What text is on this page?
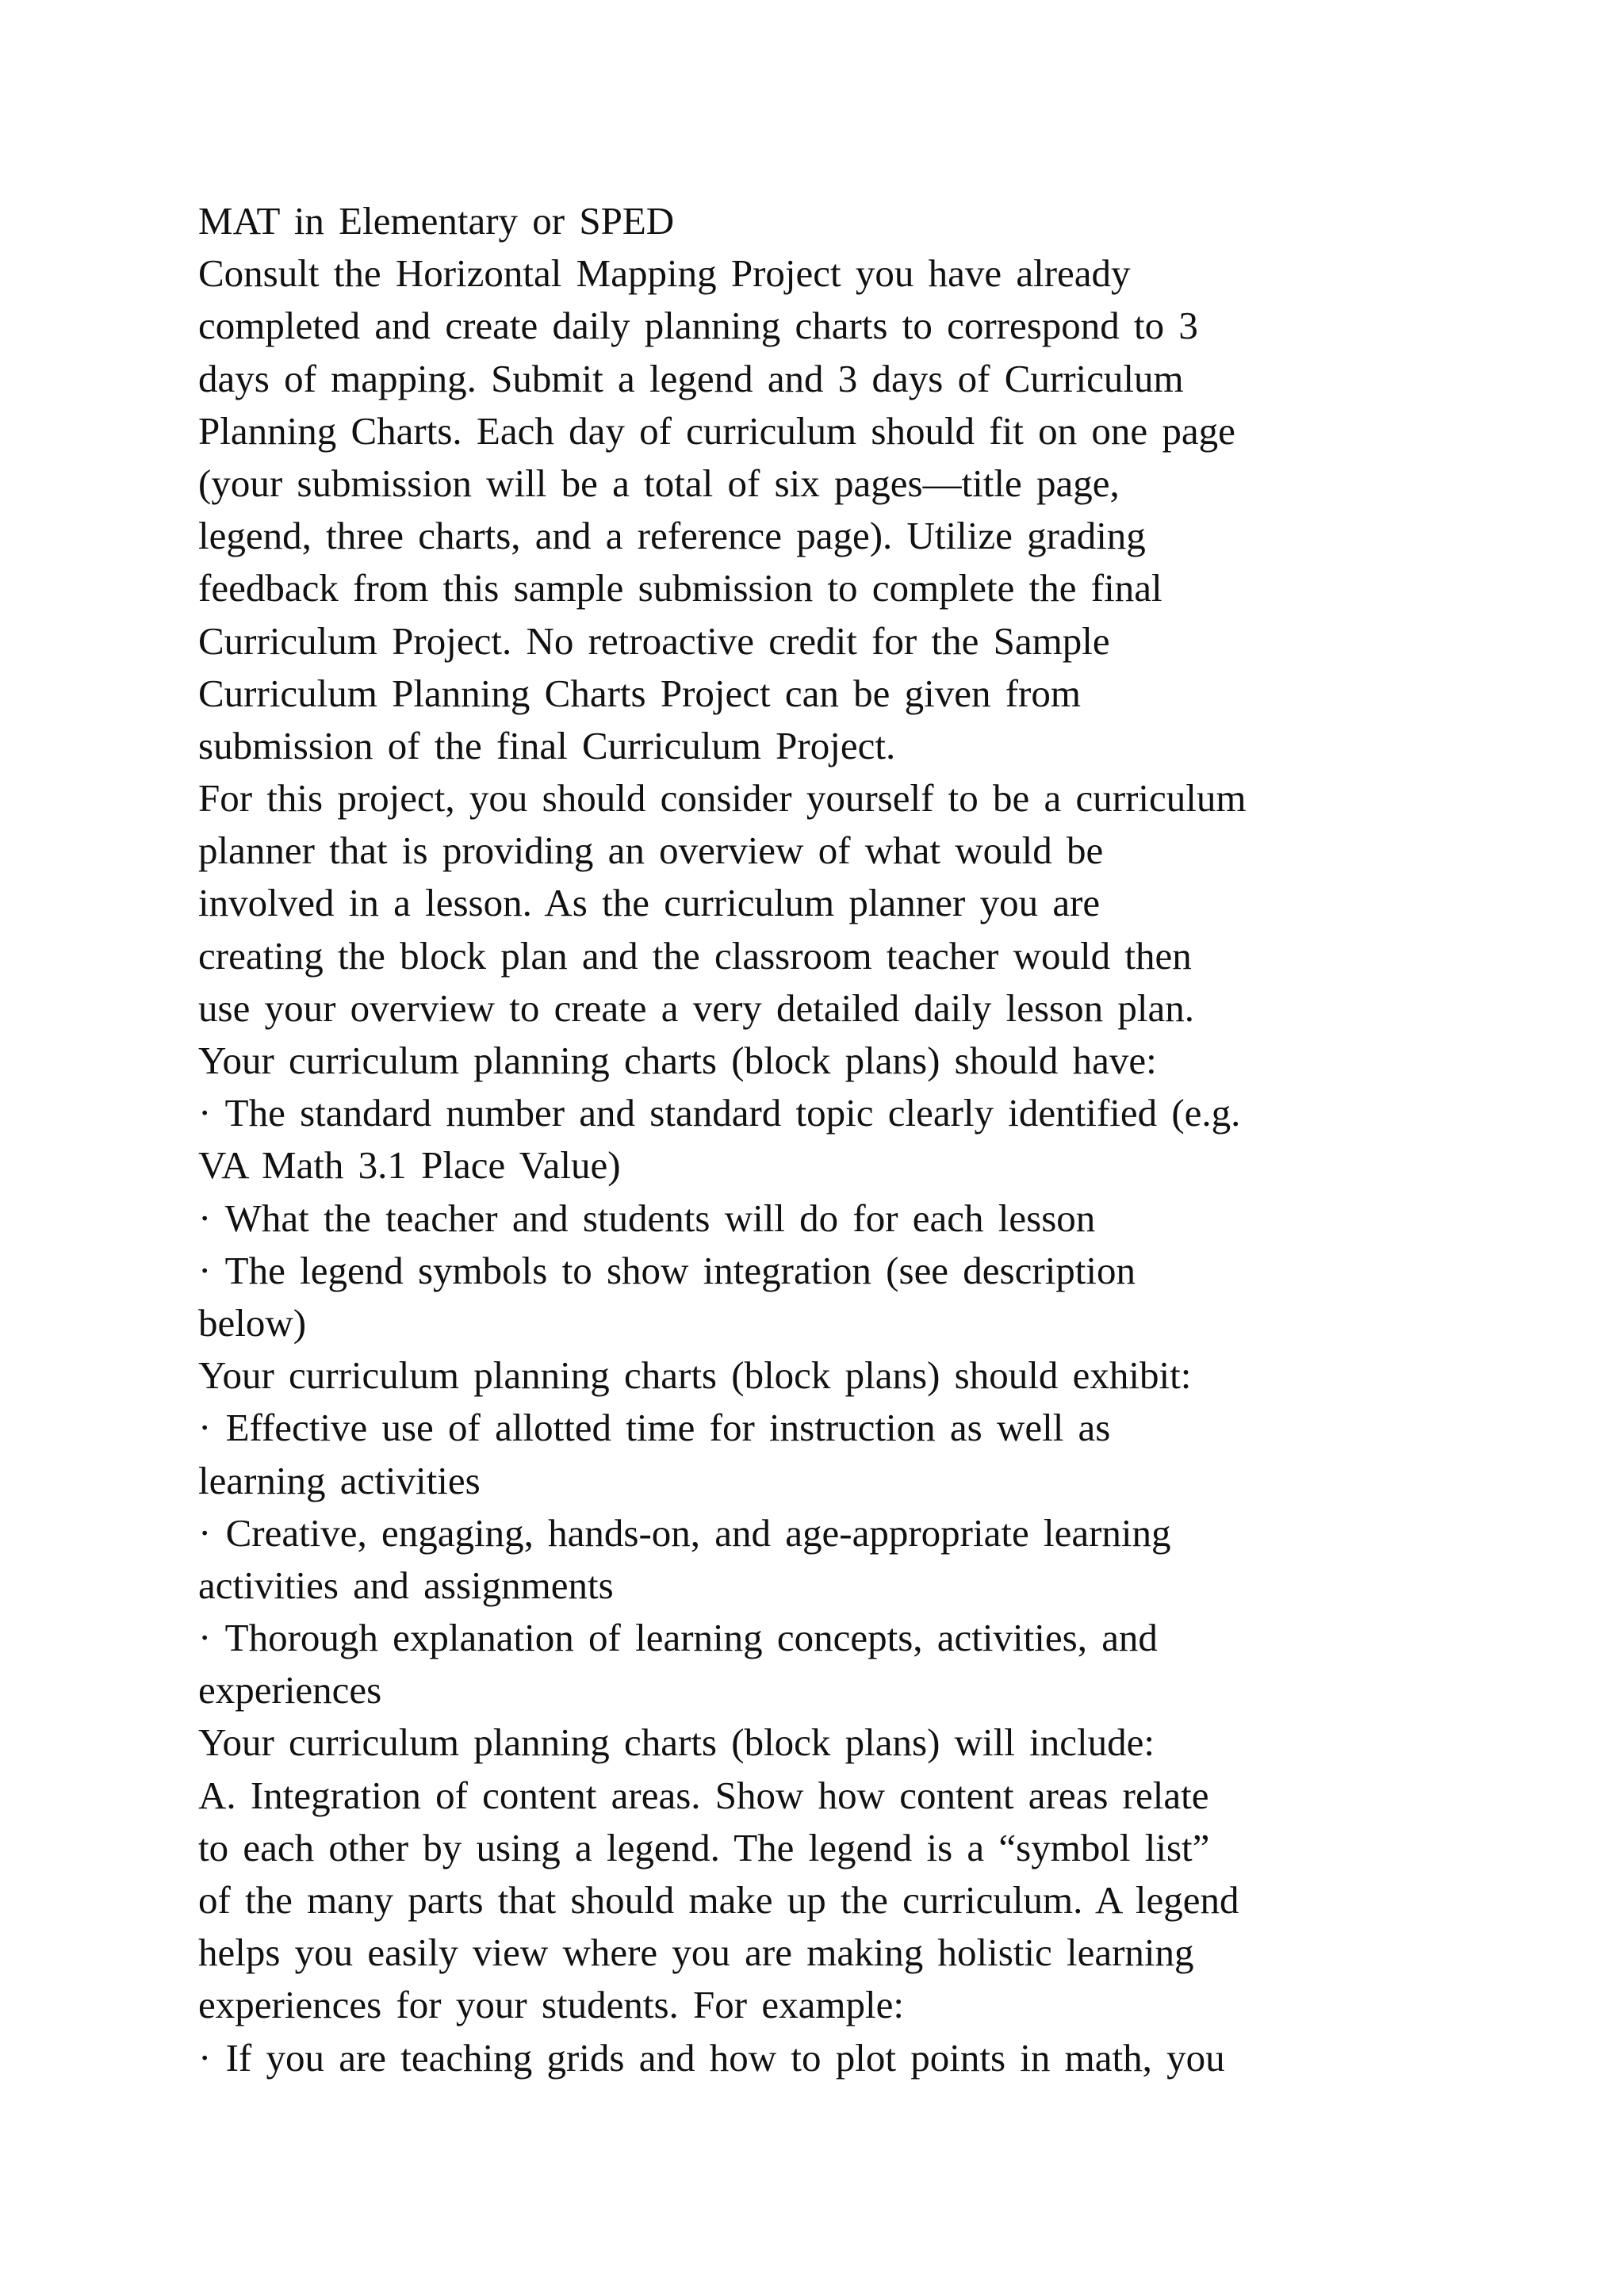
MAT in Elementary or SPED
Consult the Horizontal Mapping Project you have already
completed and create daily planning charts to correspond to 3
days of mapping. Submit a legend and 3 days of Curriculum
Planning Charts. Each day of curriculum should fit on one page
(your submission will be a total of six pages—title page,
legend, three charts, and a reference page). Utilize grading
feedback from this sample submission to complete the final
Curriculum Project. No retroactive credit for the Sample
Curriculum Planning Charts Project can be given from
submission of the final Curriculum Project.
For this project, you should consider yourself to be a curriculum
planner that is providing an overview of what would be
involved in a lesson. As the curriculum planner you are
creating the block plan and the classroom teacher would then
use your overview to create a very detailed daily lesson plan.
Your curriculum planning charts (block plans) should have:
· The standard number and standard topic clearly identified (e.g.
VA Math 3.1 Place Value)
· What the teacher and students will do for each lesson
· The legend symbols to show integration (see description
below)
Your curriculum planning charts (block plans) should exhibit:
· Effective use of allotted time for instruction as well as
learning activities
· Creative, engaging, hands-on, and age-appropriate learning
activities and assignments
· Thorough explanation of learning concepts, activities, and
experiences
Your curriculum planning charts (block plans) will include:
A. Integration of content areas. Show how content areas relate
to each other by using a legend. The legend is a “symbol list”
of the many parts that should make up the curriculum. A legend
helps you easily view where you are making holistic learning
experiences for your students. For example:
· If you are teaching grids and how to plot points in math, you
